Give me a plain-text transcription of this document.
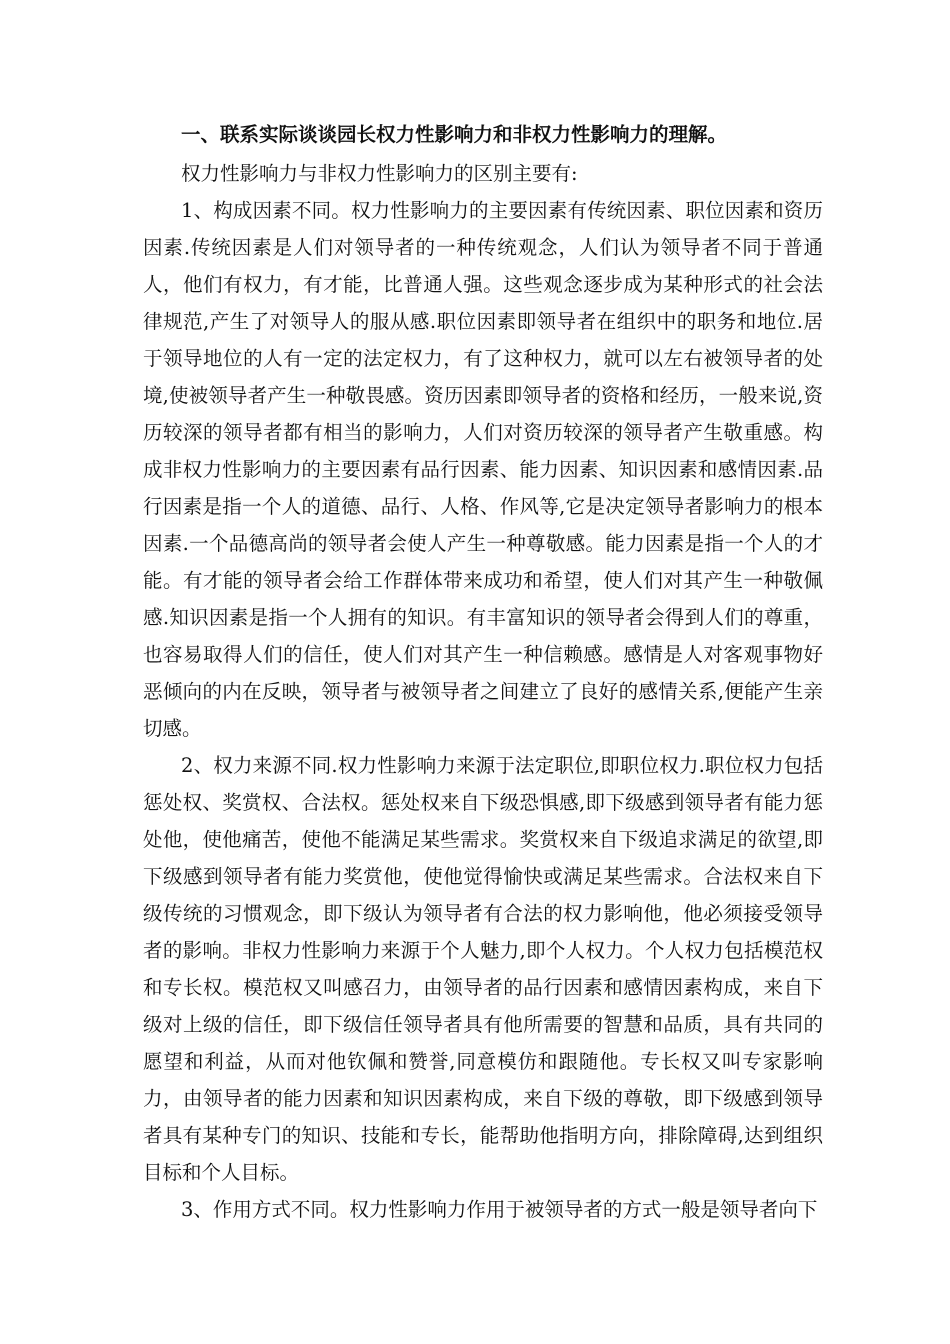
一、联系实际谈谈园长权力性影响力和非权力性影响力的理解。

权力性影响力与非权力性影响力的区别主要有:

1、构成因素不同。权力性影响力的主要因素有传统因素、职位因素和资历因素.传统因素是人们对领导者的一种传统观念，人们认为领导者不同于普通人，他们有权力，有才能，比普通人强。这些观念逐步成为某种形式的社会法律规范,产生了对领导人的服从感.职位因素即领导者在组织中的职务和地位.居于领导地位的人有一定的法定权力，有了这种权力，就可以左右被领导者的处境,使被领导者产生一种敬畏感。资历因素即领导者的资格和经历，一般来说,资历较深的领导者都有相当的影响力，人们对资历较深的领导者产生敬重感。构成非权力性影响力的主要因素有品行因素、能力因素、知识因素和感情因素.品行因素是指一个人的道德、品行、人格、作风等,它是决定领导者影响力的根本因素.一个品德高尚的领导者会使人产生一种尊敬感。能力因素是指一个人的才能。有才能的领导者会给工作群体带来成功和希望，使人们对其产生一种敬佩感.知识因素是指一个人拥有的知识。有丰富知识的领导者会得到人们的尊重，也容易取得人们的信任，使人们对其产生一种信赖感。感情是人对客观事物好恶倾向的内在反映，领导者与被领导者之间建立了良好的感情关系,便能产生亲切感。

2、权力来源不同.权力性影响力来源于法定职位,即职位权力.职位权力包括惩处权、奖赏权、合法权。惩处权来自下级恐惧感,即下级感到领导者有能力惩处他，使他痛苦，使他不能满足某些需求。奖赏权来自下级追求满足的欲望,即下级感到领导者有能力奖赏他，使他觉得愉快或满足某些需求。合法权来自下级传统的习惯观念，即下级认为领导者有合法的权力影响他，他必须接受领导者的影响。非权力性影响力来源于个人魅力,即个人权力。个人权力包括模范权和专长权。模范权又叫感召力，由领导者的品行因素和感情因素构成，来自下级对上级的信任，即下级信任领导者具有他所需要的智慧和品质，具有共同的愿望和利益，从而对他钦佩和赞誉,同意模仿和跟随他。专长权又叫专家影响力，由领导者的能力因素和知识因素构成，来自下级的尊敬，即下级感到领导者具有某种专门的知识、技能和专长，能帮助他指明方向，排除障碍,达到组织目标和个人目标。

3、作用方式不同。权力性影响力作用于被领导者的方式一般是领导者向下
